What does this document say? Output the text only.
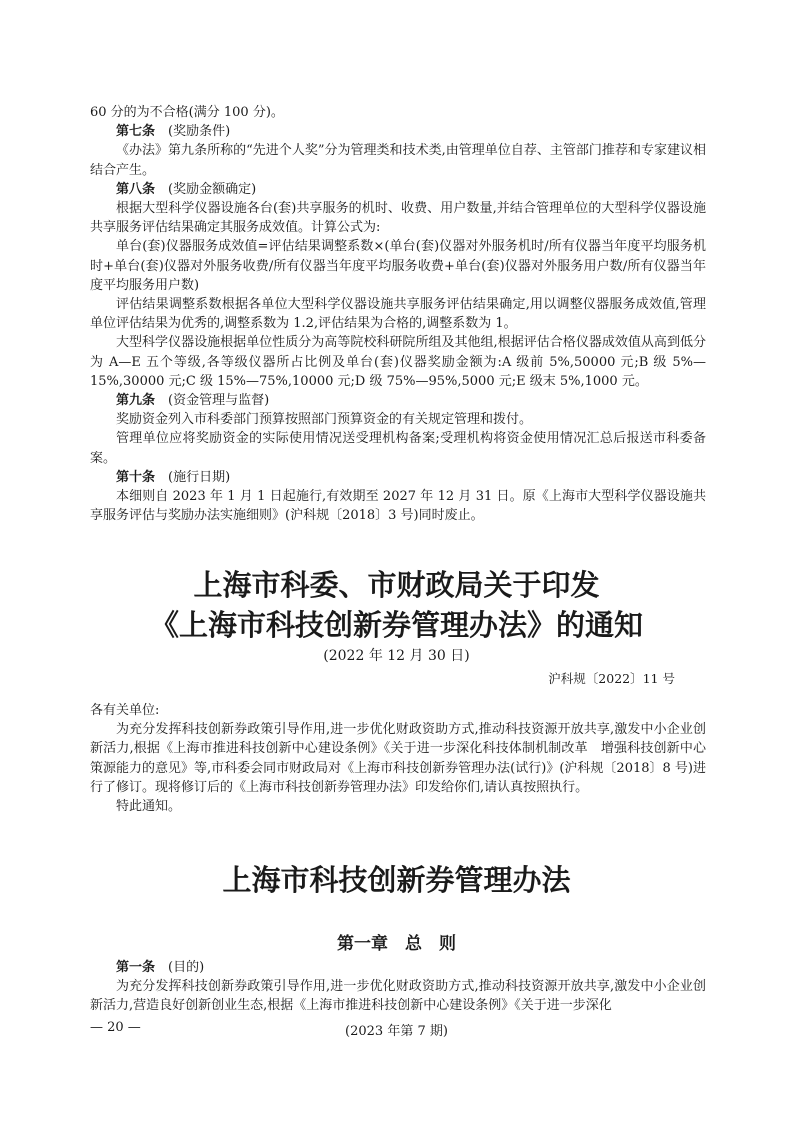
60 分的为不合格(满分 100 分)。

第七条　 (奖励条件)

《办法》第九条所称的“先进个人奖”分为管理类和技术类,由管理单位自荐、主管部门推荐和专家建议相结合产生。

第八条　 (奖励金额确定)

根据大型科学仪器设施各台(套)共享服务的机时、收费、用户数量,并结合管理单位的大型科学仪器设施共享服务评估结果确定其服务成效值。计算公式为:

单台(套)仪器服务成效值=评估结果调整系数×(单台(套)仪器对外服务机时/所有仪器当年度平均服务机时+单台(套)仪器对外服务收费/所有仪器当年度平均服务收费+单台(套)仪器对外服务用户数/所有仪器当年度平均服务用户数)

评估结果调整系数根据各单位大型科学仪器设施共享服务评估结果确定,用以调整仪器服务成效值,管理单位评估结果为优秀的,调整系数为 1.2,评估结果为合格的,调整系数为 1。

大型科学仪器设施根据单位性质分为高等院校科研院所组及其他组,根据评估合格仪器成效值从高到低分为 A—E 五个等级,各等级仪器所占比例及单台(套)仪器奖励金额为:A 级前 5%,50000 元;B 级 5%—15%,30000 元;C 级 15%—75%,10000 元;D 级 75%—95%,5000 元;E 级末 5%,1000 元。

第九条　 (资金管理与监督)

奖励资金列入市科委部门预算按照部门预算资金的有关规定管理和拨付。

管理单位应将奖励资金的实际使用情况送受理机构备案;受理机构将资金使用情况汇总后报送市科委备案。

第十条　 (施行日期)

本细则自 2023 年 1 月 1 日起施行,有效期至 2027 年 12 月 31 日。原《上海市大型科学仪器设施共享服务评估与奖励办法实施细则》(沪科规〔2018〕3 号)同时废止。

上海市科委、市财政局关于印发
《上海市科技创新券管理办法》的通知
(2022 年 12 月 30 日)
沪科规〔2022〕11 号

各有关单位:

为充分发挥科技创新券政策引导作用,进一步优化财政资助方式,推动科技资源开放共享,激发中小企业创新活力,根据《上海市推进科技创新中心建设条例》《关于进一步深化科技体制机制改革　增强科技创新中心策源能力的意见》等,市科委会同市财政局对《上海市科技创新券管理办法(试行)》(沪科规〔2018〕8 号)进行了修订。现将修订后的《上海市科技创新券管理办法》印发给你们,请认真按照执行。

特此通知。

上海市科技创新券管理办法
第一章　总　则

第一条　 (目的)

为充分发挥科技创新券政策引导作用,进一步优化财政资助方式,推动科技资源开放共享,激发中小企业创新活力,营造良好创新创业生态,根据《上海市推进科技创新中心建设条例》《关于进一步深化

— 20 —	(2023 年第 7 期)
